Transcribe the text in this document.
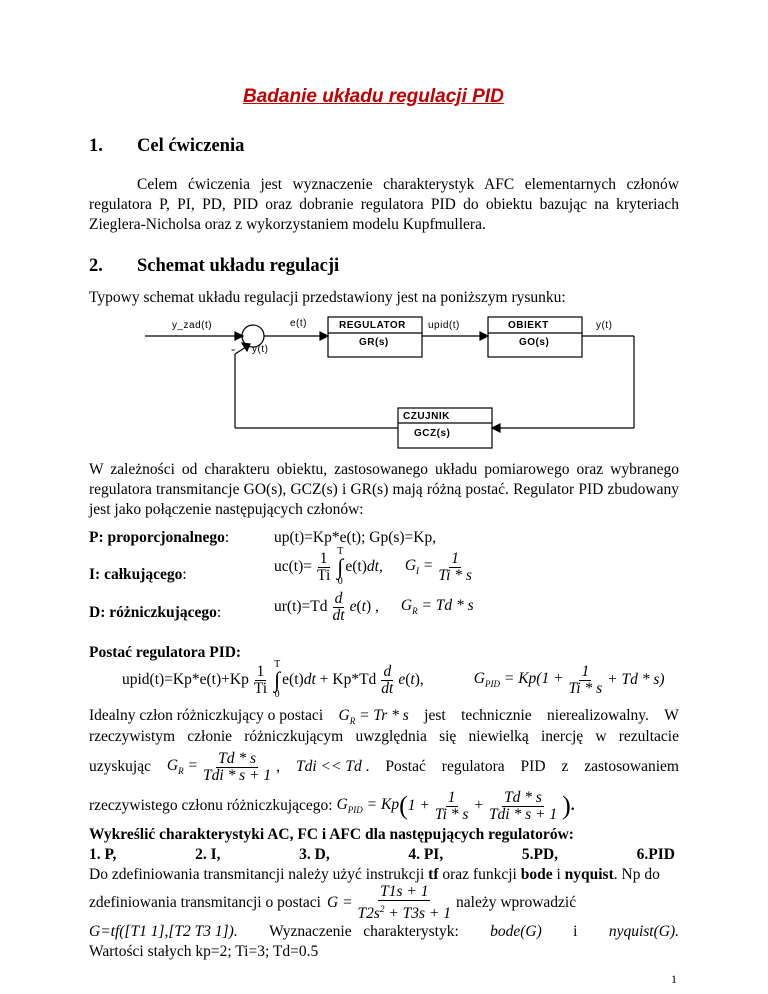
Badanie układu regulacji PID
1. Cel ćwiczenia
Celem ćwiczenia jest wyznaczenie charakterystyk AFC elementarnych członów regulatora P, PI, PD, PID oraz dobranie regulatora PID do obiektu bazując na kryteriach Zieglera-Nicholsa oraz z wykorzystaniem modelu Kupfmullera.
2. Schemat układu regulacji
Typowy schemat układu regulacji przedstawiony jest na poniższym rysunku:
y_zad(t)	e(t)
- y(t)
REGULATOR
GR(s)
upid(t)	OBIEKT
GO(s)
y(t)
CZUJNIK
GCZ(s)
W zależności od charakteru obiektu, zastosowanego układu pomiarowego oraz wybranego regulatora transmitancje GO(s), GCZ(s) i GR(s) mają różną postać. Regulator PID zbudowany jest jako połączenie następujących członów:
P: proporcjonalnego:	up(t)=Kp*e(t); Gp(s)=Kp,
I: całkującego:	$uc(t)= \frac{1}{Ti}$ T
∫
0
e(t)dt, $G_I = \frac{1}{Ti * s}$
D: różniczkującego:	$ur(t)=Td \frac{d}{dt} e(t)$ , $G_R = Td * s$
Postać regulatora PID:
upid(t)=Kp*e(t)+Kp $\frac{1}{Ti}$ T
∫
0
$e(t)dt + Kp*Td \frac{d}{dt} e(t)$,	$G_{PID} = Kp(1 + \frac{1}{Ti * s} + Td * s)$
Idealny człon różniczkujący o postaci $G_R = Tr * s$ jest technicznie nierealizowalny. W
rzeczywistym członie różniczkującym uwzględnia się niewielką inercję w rezultacie
uzyskując $G_R = \frac{Td * s}{\text{Tdi * s + 1}}$ , Tdi << Td . Postać regulatora PID z zastosowaniem
rzeczywistego członu różniczkującego: $G_{PID} = Kp$ ( $1 + \frac{1}{Ti * s} + \frac{Td * s}{\text{Tdi * s + 1}}$ ) .
Wykreślić charakterystyki AC, FC i AFC dla następujących regulatorów:
1. P,	2. I,	3. D,	4. PI,	5.PD,	6.PID
Do zdefiniowania transmitancji należy użyć instrukcji tf oraz funkcji bode i nyquist. Np do
zdefiniowania transmitancji o postaci $G = \frac{T1s + 1}{T2s^2 + T3s + 1}$ należy wprowadzić
G=tf([T1 1],[T2 T3 1]). Wyznaczenie   charakterystyk: bode(G) i nyquist(G).
Wartości stałych kp=2; Ti=3; Td=0.5
1
